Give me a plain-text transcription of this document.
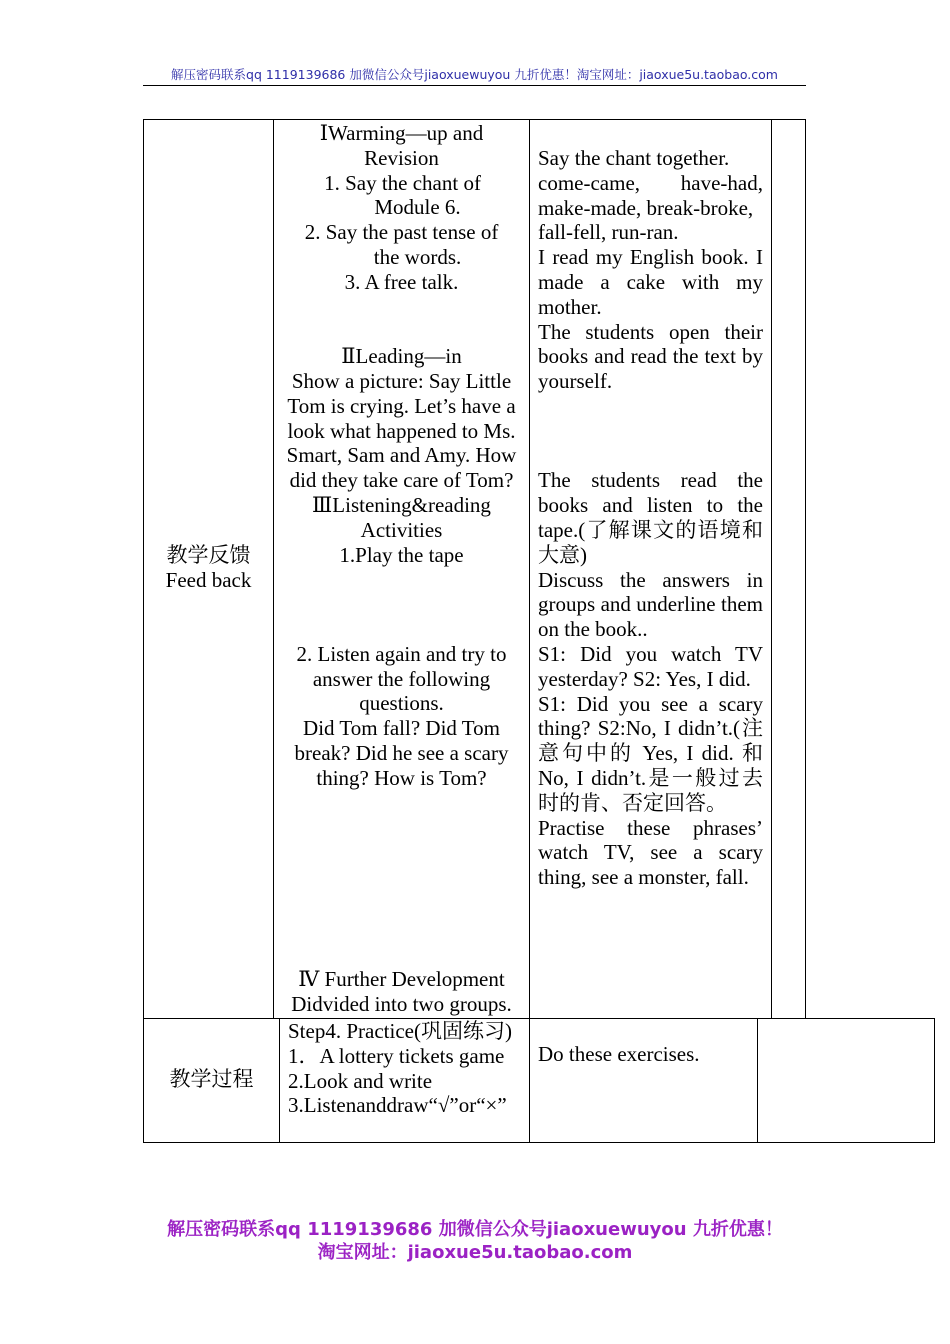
解压密码联系qq 1119139686 加微信公众号jiaoxuewuyou 九折优惠！淘宝网址：jiaoxue5u.taobao.com
教学反馈
Feed back
ⅠWarming—up and Revision
1. Say the chant of
Module 6.
2. Say the past tense of
the words.
3. A free talk.
ⅡLeading—in
Show a picture: Say Little Tom is crying. Let’s have a look what happened to Ms. Smart, Sam and Amy. How did they take care of Tom?
ⅢListening&reading Activities
1.Play the tape
2. Listen again and try to answer the following questions.
Did Tom fall? Did Tom break? Did he see a scary thing? How is Tom?
Ⅳ Further Development
Didvided into two groups.
Say the chant together.
come-came, have-had, make-made, break-broke,
fall-fell, run-ran.
I read my English book. I made a cake with my mother.
The students open their books and read the text by yourself.
The students read the books and listen to the tape.(了解课文的语境和大意)
Discuss the answers in groups and underline them on the book..
S1: Did you watch TV yesterday? S2: Yes, I did.
S1: Did you see a scary thing? S2:No, I didn’t.(注意句中的 Yes, I did. 和 No, I didn’t.是一般过去时的肯、否定回答。
Practise these phrases’ watch TV, see a scary thing, see a monster, fall.
教学过程
Step4. Practice(巩固练习)
1．A lottery tickets game
2.Look and write
3.Listenanddraw“√”or“×”
Do these exercises.
解压密码联系qq 1119139686 加微信公众号jiaoxuewuyou 九折优惠！
淘宝网址：jiaoxue5u.taobao.com
